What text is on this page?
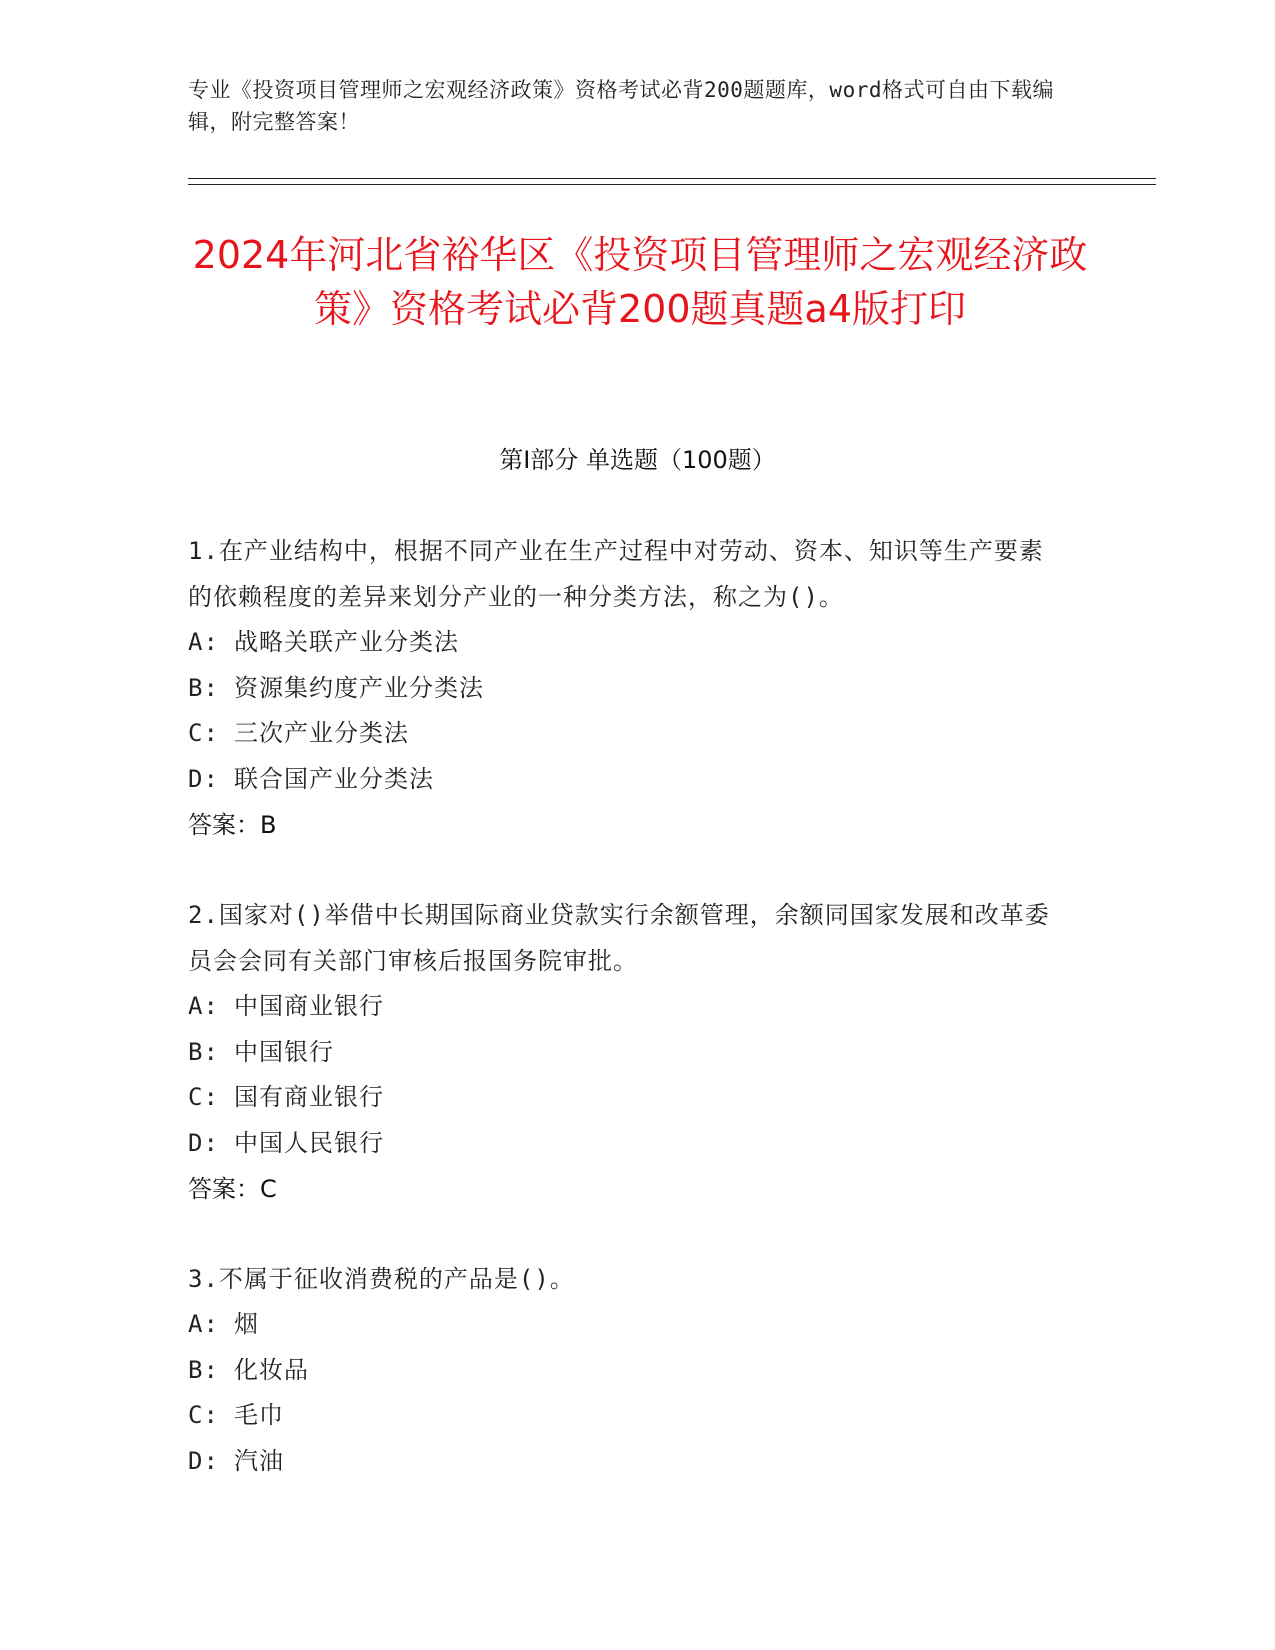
专业《投资项目管理师之宏观经济政策》资格考试必背200题题库，word格式可自由下载编辑，附完整答案！
2024年河北省裕华区《投资项目管理师之宏观经济政策》资格考试必背200题真题a4版打印
第Ⅰ部分 单选题（100题）
1.在产业结构中，根据不同产业在生产过程中对劳动、资本、知识等生产要素的依赖程度的差异来划分产业的一种分类方法，称之为()。
A: 战略关联产业分类法
B: 资源集约度产业分类法
C: 三次产业分类法
D: 联合国产业分类法
答案：B
2.国家对()举借中长期国际商业贷款实行余额管理，余额同国家发展和改革委员会会同有关部门审核后报国务院审批。
A: 中国商业银行
B: 中国银行
C: 国有商业银行
D: 中国人民银行
答案：C
3.不属于征收消费税的产品是()。
A: 烟
B: 化妆品
C: 毛巾
D: 汽油
